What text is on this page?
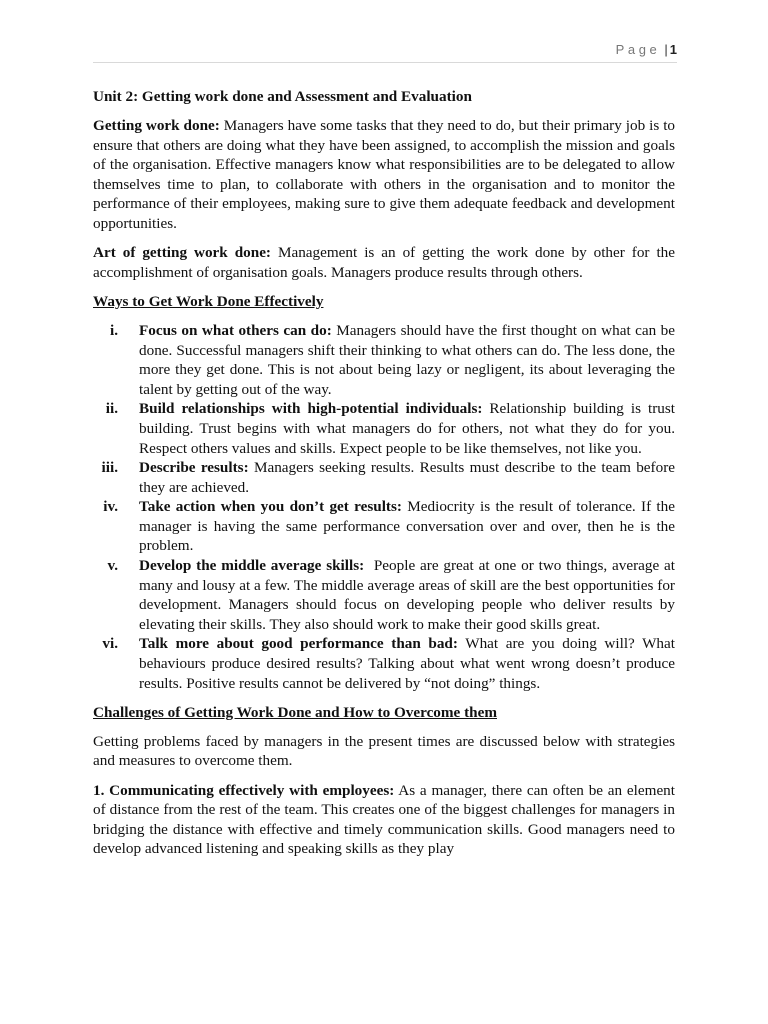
Page | 1

Unit 2: Getting work done and Assessment and Evaluation

Getting work done: Managers have some tasks that they need to do, but their primary job is to ensure that others are doing what they have been assigned, to accomplish the mission and goals of the organisation. Effective managers know what responsibilities are to be delegated to allow themselves time to plan, to collaborate with others in the organisation and to monitor the performance of their employees, making sure to give them adequate feedback and development opportunities.

Art of getting work done: Management is an of getting the work done by other for the accomplishment of organisation goals. Managers produce results through others.

Ways to Get Work Done Effectively

i. Focus on what others can do: Managers should have the first thought on what can be done. Successful managers shift their thinking to what others can do. The less done, the more they get done. This is not about being lazy or negligent, its about leveraging the talent by getting out of the way.
ii. Build relationships with high-potential individuals: Relationship building is trust building. Trust begins with what managers do for others, not what they do for you. Respect others values and skills. Expect people to be like themselves, not like you.
iii. Describe results: Managers seeking results. Results must describe to the team before they are achieved.
iv. Take action when you don’t get results: Mediocrity is the result of tolerance. If the manager is having the same performance conversation over and over, then he is the problem.
v. Develop the middle average skills:  People are great at one or two things, average at many and lousy at a few. The middle average areas of skill are the best opportunities for development. Managers should focus on developing people who deliver results by elevating their skills. They also should work to make their good skills great.
vi. Talk more about good performance than bad: What are you doing will? What behaviours produce desired results? Talking about what went wrong doesn’t produce results. Positive results cannot be delivered by “not doing” things.

Challenges of Getting Work Done and How to Overcome them

Getting problems faced by managers in the present times are discussed below with strategies and measures to overcome them.

1. Communicating effectively with employees: As a manager, there can often be an element of distance from the rest of the team. This creates one of the biggest challenges for managers in bridging the distance with effective and timely communication skills. Good managers need to develop advanced listening and speaking skills as they play
